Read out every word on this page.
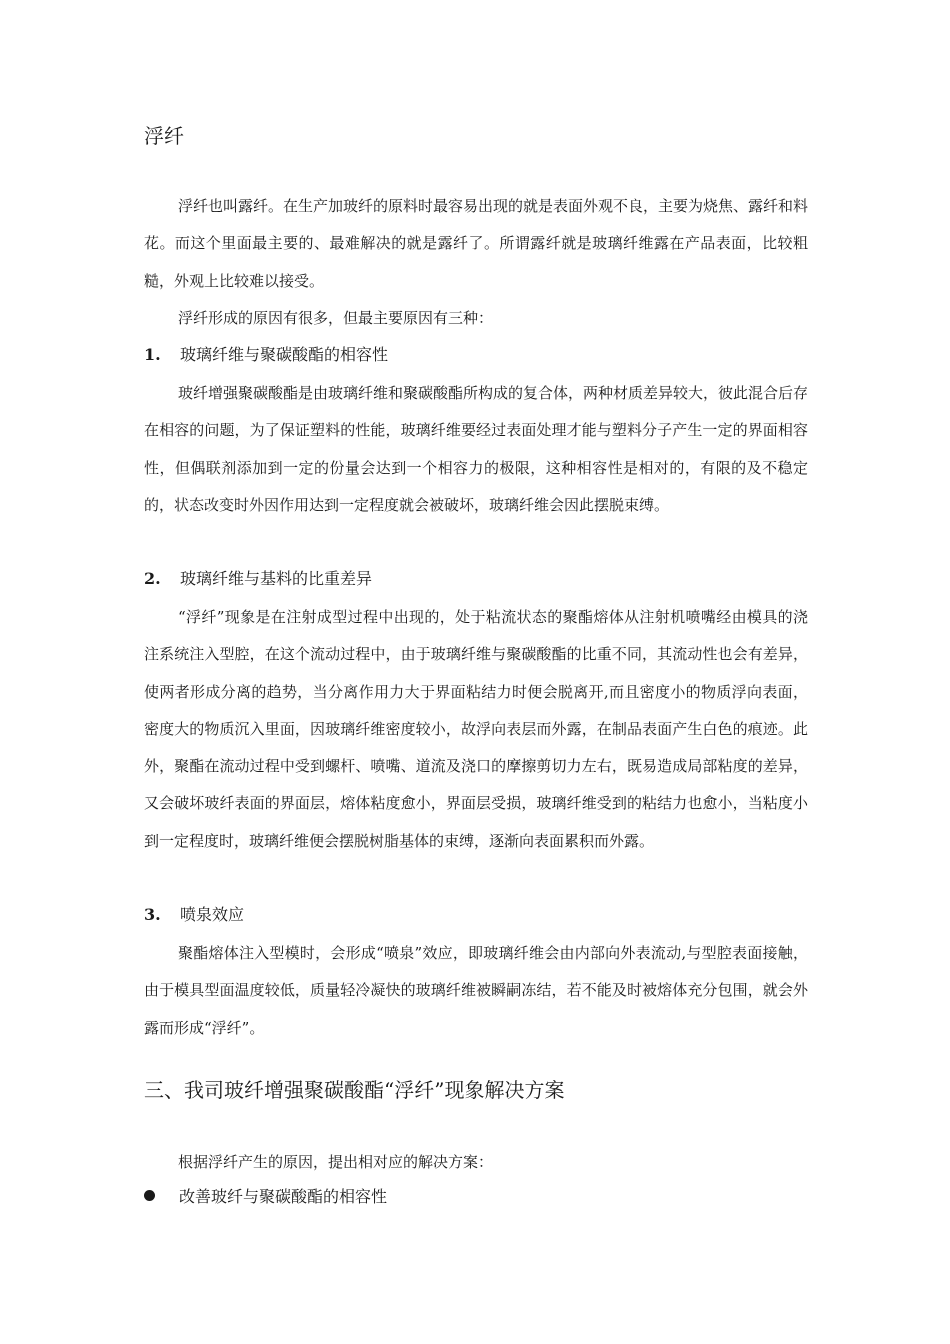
浮纤

浮纤也叫露纤。在生产加玻纤的原料时最容易出现的就是表面外观不良，主要为烧焦、露纤和料花。而这个里面最主要的、最难解决的就是露纤了。所谓露纤就是玻璃纤维露在产品表面，比较粗糙，外观上比较难以接受。

浮纤形成的原因有很多，但最主要原因有三种：

1. 玻璃纤维与聚碳酸酯的相容性

玻纤增强聚碳酸酯是由玻璃纤维和聚碳酸酯所构成的复合体，两种材质差异较大，彼此混合后存在相容的问题，为了保证塑料的性能，玻璃纤维要经过表面处理才能与塑料分子产生一定的界面相容性，但偶联剂添加到一定的份量会达到一个相容力的极限，这种相容性是相对的，有限的及不稳定的，状态改变时外因作用达到一定程度就会被破坏，玻璃纤维会因此摆脱束缚。

2. 玻璃纤维与基料的比重差异

“浮纤”现象是在注射成型过程中出现的，处于粘流状态的聚酯熔体从注射机喷嘴经由模具的浇注系统注入型腔，在这个流动过程中，由于玻璃纤维与聚碳酸酯的比重不同，其流动性也会有差异，使两者形成分离的趋势，当分离作用力大于界面粘结力时便会脱离开,而且密度小的物质浮向表面，密度大的物质沉入里面，因玻璃纤维密度较小，故浮向表层而外露，在制品表面产生白色的痕迹。此外，聚酯在流动过程中受到螺杆、喷嘴、道流及浇口的摩擦剪切力左右，既易造成局部粘度的差异，又会破坏玻纤表面的界面层，熔体粘度愈小，界面层受损，玻璃纤维受到的粘结力也愈小，当粘度小到一定程度时，玻璃纤维便会摆脱树脂基体的束缚，逐渐向表面累积而外露。

3. 喷泉效应

聚酯熔体注入型模时，会形成“喷泉”效应，即玻璃纤维会由内部向外表流动,与型腔表面接触，由于模具型面温度较低，质量轻冷凝快的玻璃纤维被瞬嗣冻结，若不能及时被熔体充分包围，就会外露而形成“浮纤”。

三、我司玻纤增强聚碳酸酯“浮纤”现象解决方案

根据浮纤产生的原因，提出相对应的解决方案：

改善玻纤与聚碳酸酯的相容性
